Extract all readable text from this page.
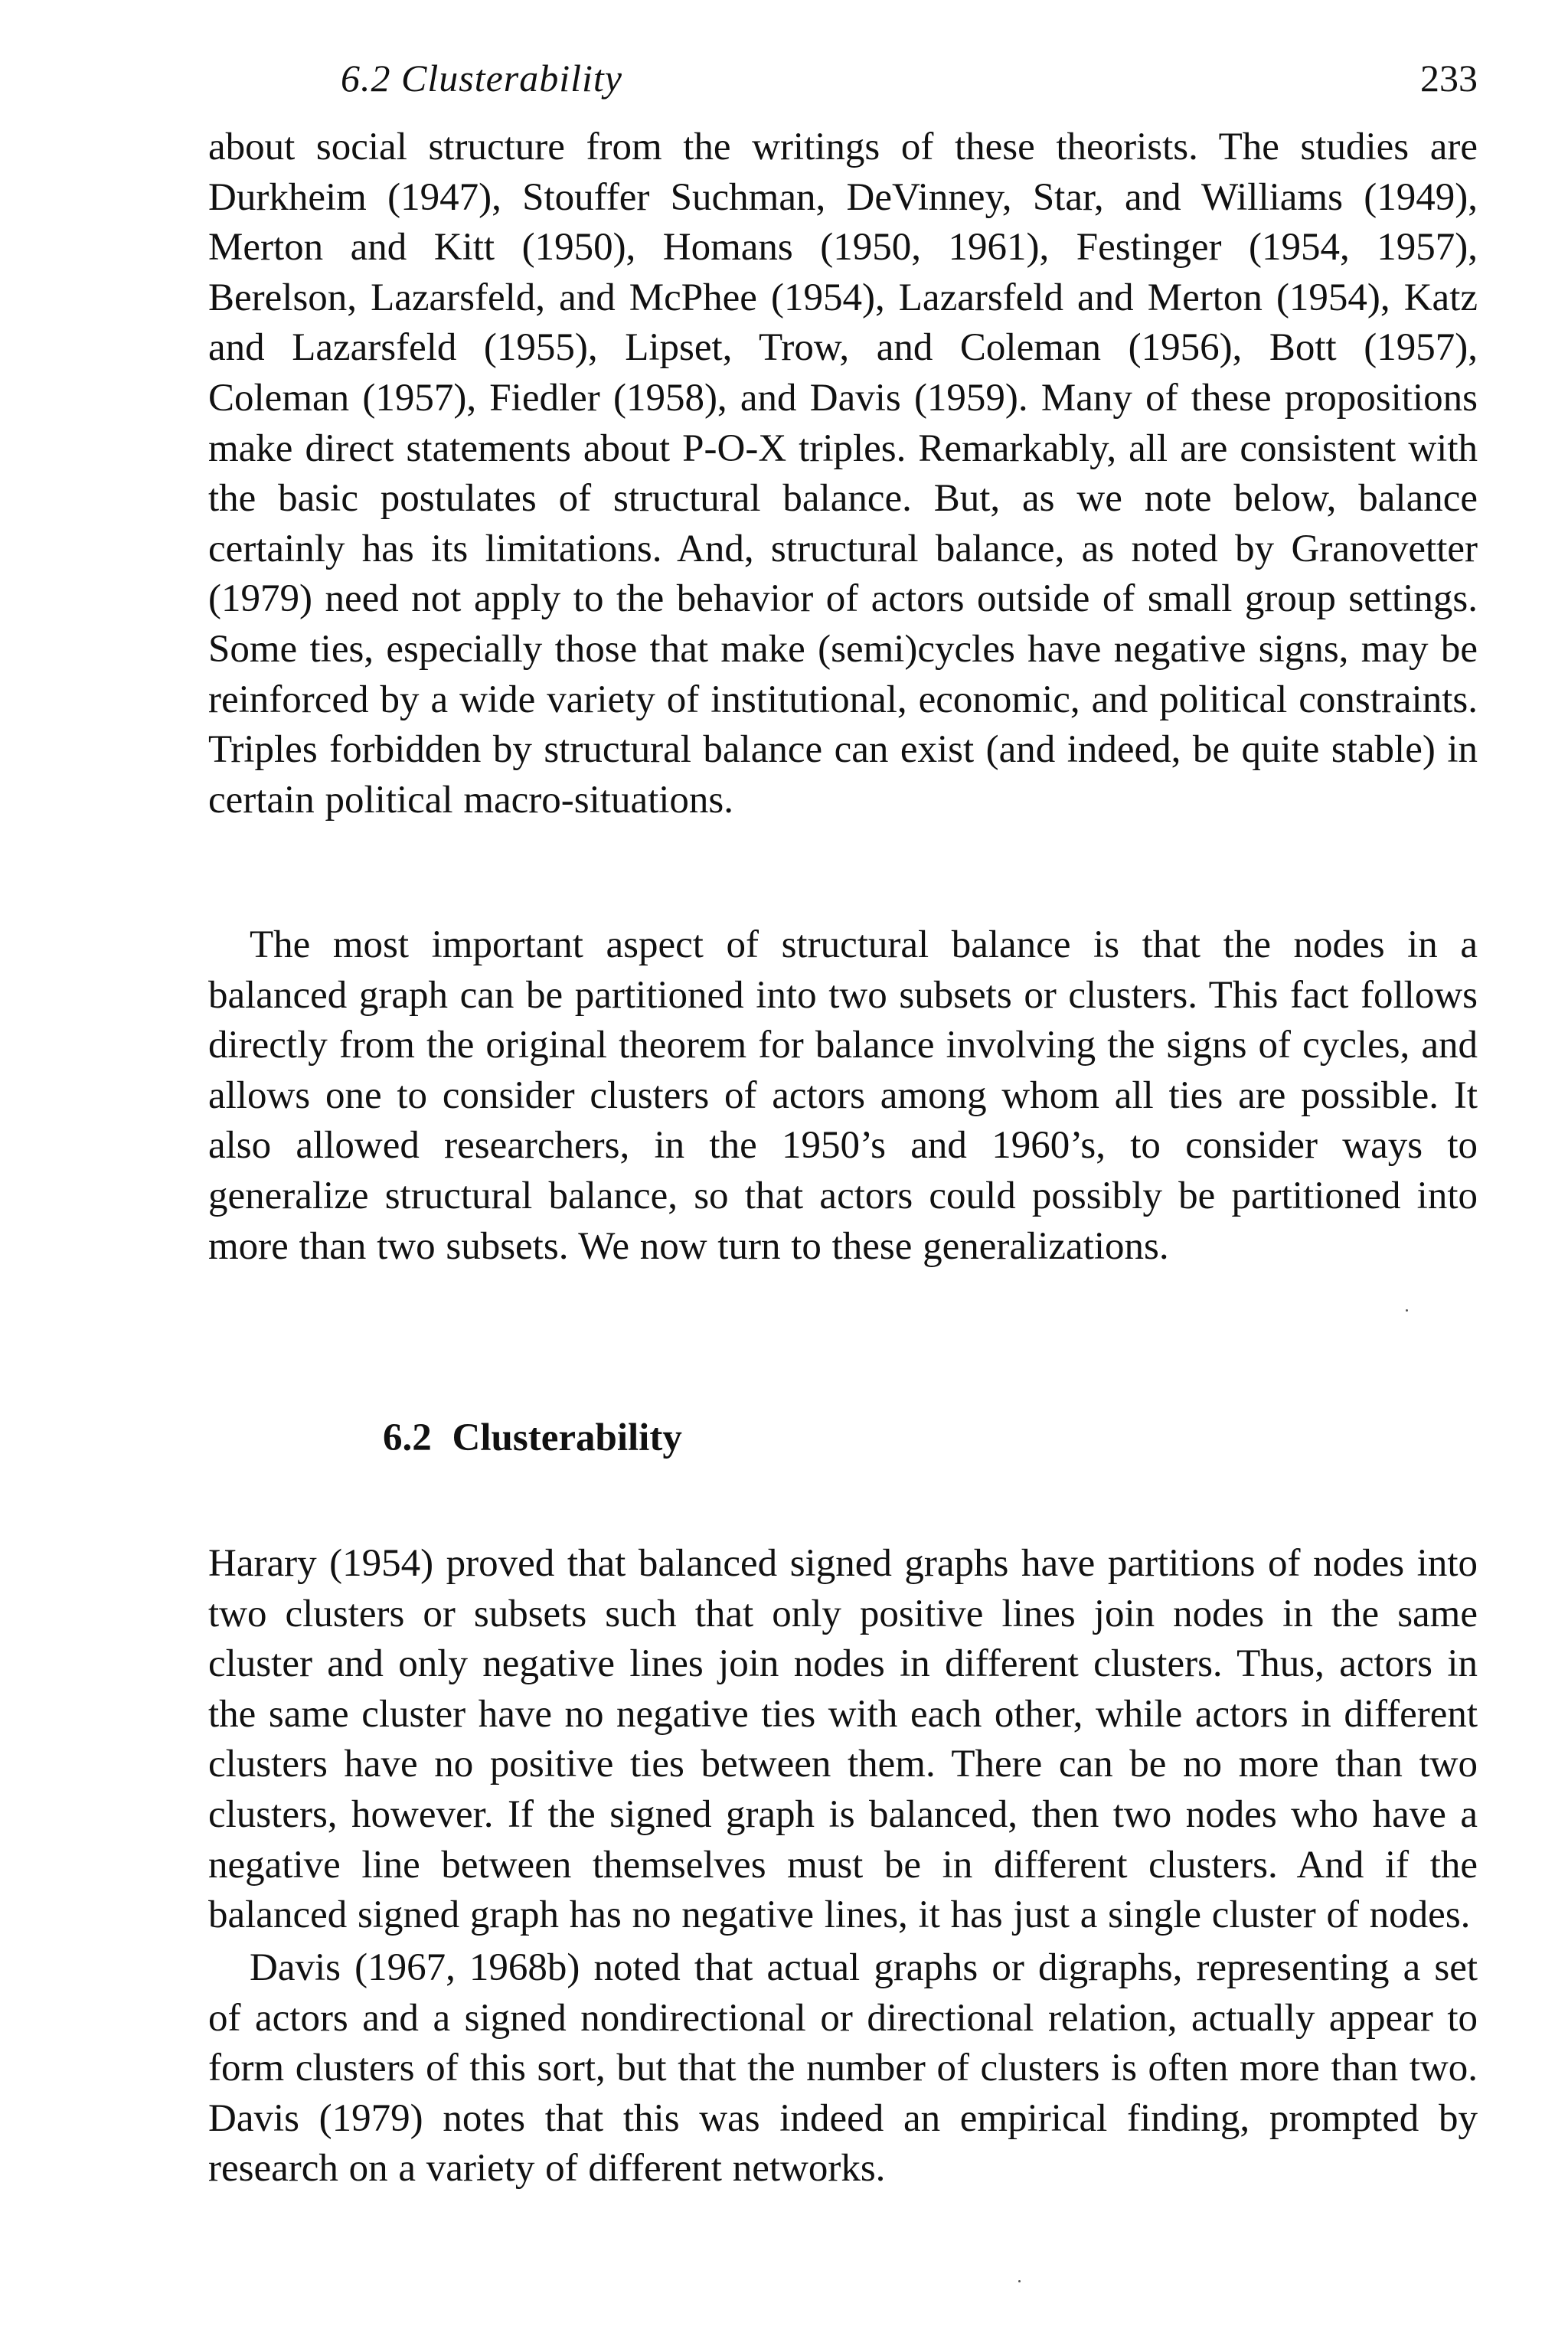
6.2 Clusterability	233

about social structure from the writings of these theorists. The studies are Durkheim (1947), Stouffer Suchman, DeVinney, Star, and Williams (1949), Merton and Kitt (1950), Homans (1950, 1961), Festinger (1954, 1957), Berelson, Lazarsfeld, and McPhee (1954), Lazarsfeld and Merton (1954), Katz and Lazarsfeld (1955), Lipset, Trow, and Coleman (1956), Bott (1957), Coleman (1957), Fiedler (1958), and Davis (1959). Many of these propositions make direct statements about P-O-X triples. Remarkably, all are consistent with the basic postulates of structural balance. But, as we note below, balance certainly has its limitations. And, structural balance, as noted by Granovetter (1979) need not apply to the behavior of actors outside of small group settings. Some ties, especially those that make (semi)cycles have negative signs, may be reinforced by a wide variety of institutional, economic, and political constraints. Triples forbidden by structural balance can exist (and indeed, be quite stable) in certain political macro-situations.

The most important aspect of structural balance is that the nodes in a balanced graph can be partitioned into two subsets or clusters. This fact follows directly from the original theorem for balance involving the signs of cycles, and allows one to consider clusters of actors among whom all ties are possible. It also allowed researchers, in the 1950’s and 1960’s, to consider ways to generalize structural balance, so that actors could possibly be partitioned into more than two subsets. We now turn to these generalizations.

6.2 Clusterability

Harary (1954) proved that balanced signed graphs have partitions of nodes into two clusters or subsets such that only positive lines join nodes in the same cluster and only negative lines join nodes in different clusters. Thus, actors in the same cluster have no negative ties with each other, while actors in different clusters have no positive ties between them. There can be no more than two clusters, however. If the signed graph is balanced, then two nodes who have a negative line between themselves must be in different clusters. And if the balanced signed graph has no negative lines, it has just a single cluster of nodes.

Davis (1967, 1968b) noted that actual graphs or digraphs, representing a set of actors and a signed nondirectional or directional relation, actually appear to form clusters of this sort, but that the number of clusters is often more than two. Davis (1979) notes that this was indeed an empirical finding, prompted by research on a variety of different networks.
